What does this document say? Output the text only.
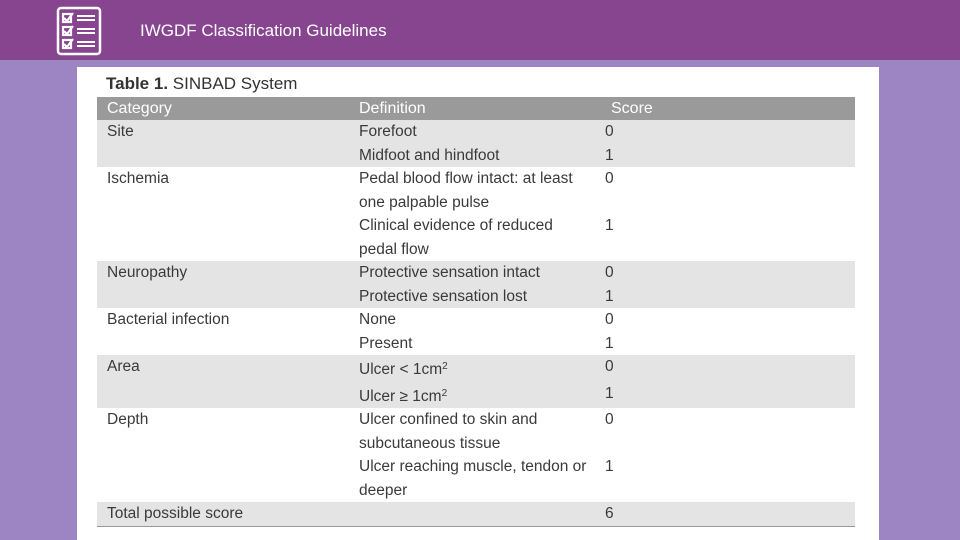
IWGDF Classification Guidelines
Table 1. SINBAD System
Category	Definition	Score
Site	Forefoot	0
	Midfoot and hindfoot	1
Ischemia	Pedal blood flow intact: at least one palpable pulse	0
	Clinical evidence of reduced pedal flow	1
Neuropathy	Protective sensation intact	0
	Protective sensation lost	1
Bacterial infection	None	0
	Present	1
Area	Ulcer < $1cm^2$	0
	Ulcer ≥ $1cm^2$	1
Depth	Ulcer confined to skin and subcutaneous tissue	0
	Ulcer reaching muscle, tendon or deeper	1
Total possible score		6
